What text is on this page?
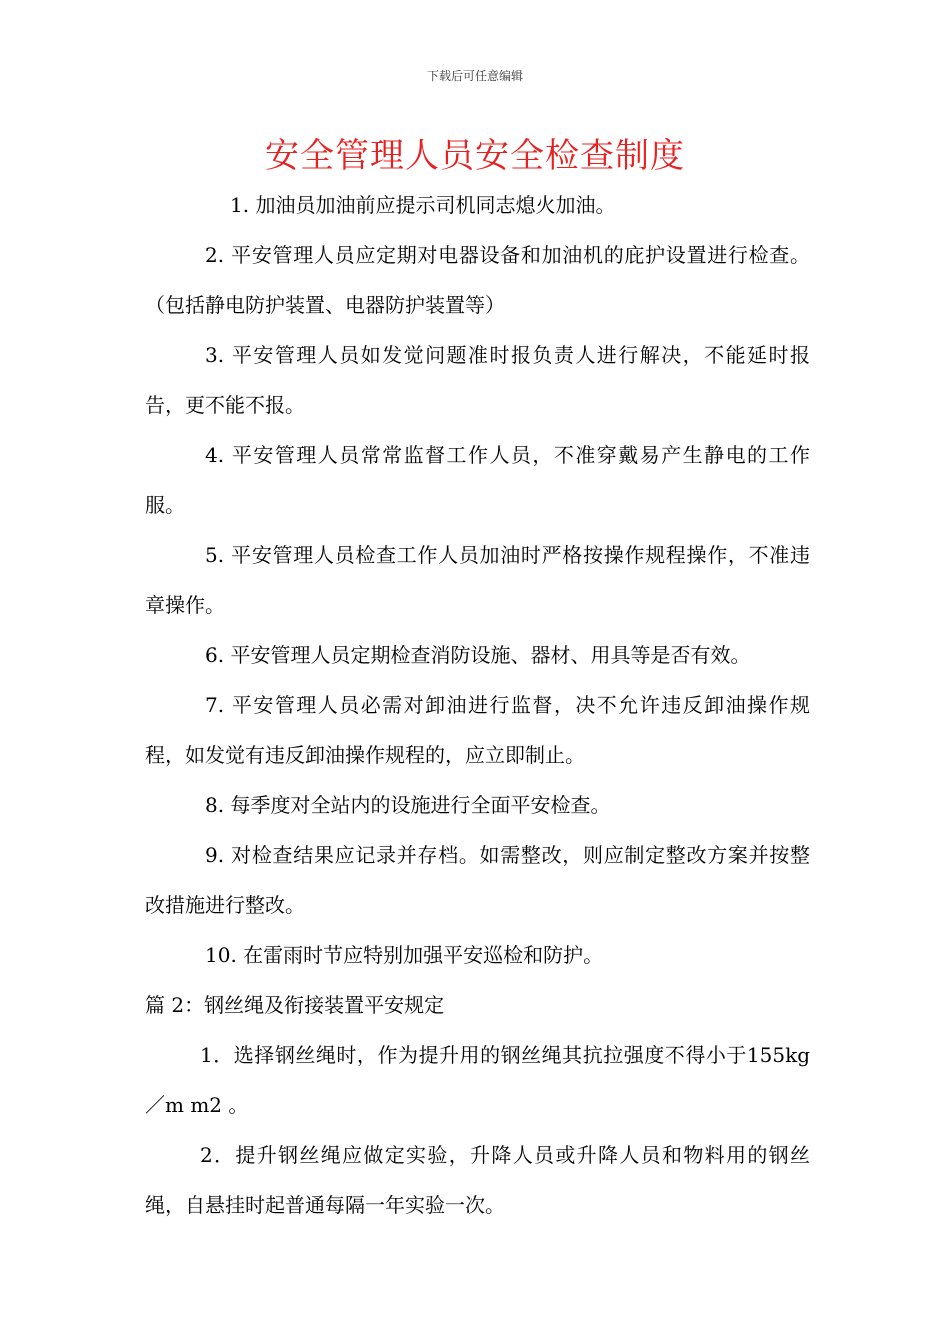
下载后可任意编辑
安全管理人员安全检查制度

1. 加油员加油前应提示司机同志熄火加油。

2. 平安管理人员应定期对电器设备和加油机的庇护设置进行检查。（包括静电防护装置、电器防护装置等）

3. 平安管理人员如发觉问题准时报负责人进行解决，不能延时报告，更不能不报。

4. 平安管理人员常常监督工作人员，不准穿戴易产生静电的工作服。

5. 平安管理人员检查工作人员加油时严格按操作规程操作，不准违章操作。

6. 平安管理人员定期检查消防设施、器材、用具等是否有效。

7. 平安管理人员必需对卸油进行监督，决不允许违反卸油操作规程，如发觉有违反卸油操作规程的，应立即制止。

8. 每季度对全站内的设施进行全面平安检查。

9. 对检查结果应记录并存档。如需整改，则应制定整改方案并按整改措施进行整改。

10. 在雷雨时节应特别加强平安巡检和防护。

篇 2：钢丝绳及衔接装置平安规定

1．选择钢丝绳时，作为提升用的钢丝绳其抗拉强度不得小于155kg／m m2 。

2．提升钢丝绳应做定实验，升降人员或升降人员和物料用的钢丝绳，自悬挂时起普通每隔一年实验一次。
